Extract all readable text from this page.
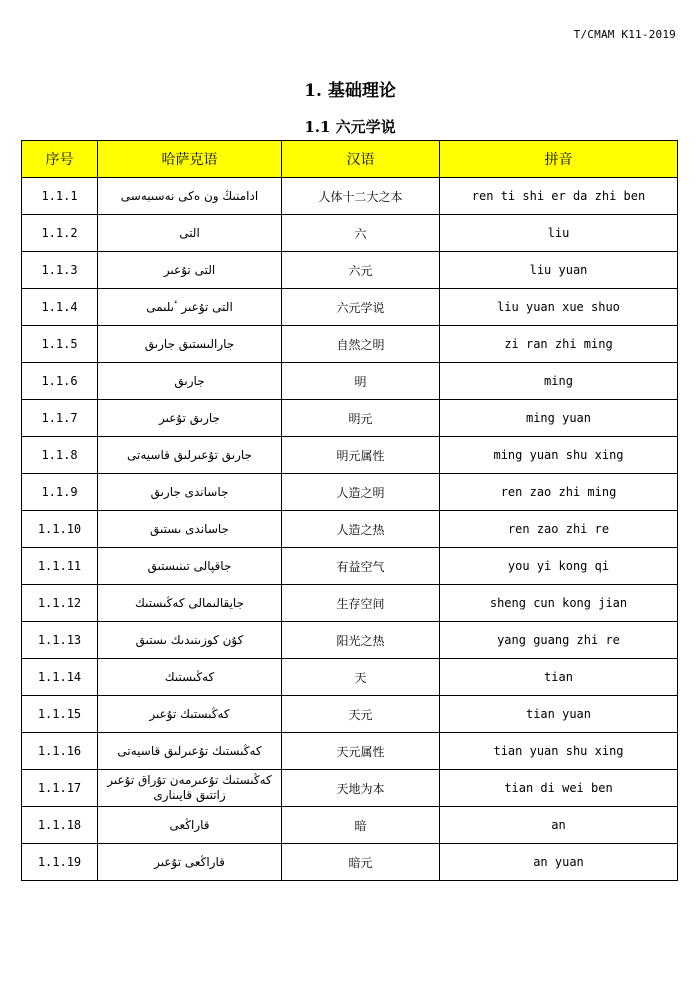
T/CMAM K11-2019
1. 基础理论
1.1 六元学说
序号	哈萨克语	汉语	拼音
1.1.1	ادامنىڭ ون ەكى نەسىبەسى	人体十二大之本	ren ti shi er da zhi ben
1.1.2	التى	六	liu
1.1.3	التى تۇعىر	六元	liu yuan
1.1.4	التى تۇعىر ٴىلىمى	六元学说	liu yuan xue shuo
1.1.5	جارالىستىق جارىق	自然之明	zi ran zhi ming
1.1.6	جارىق	明	ming
1.1.7	جارىق تۇعىر	明元	ming yuan
1.1.8	جارىق تۇعىرلىق قاسيەتى	明元属性	ming yuan shu xing
1.1.9	جاساندى جارىق	人造之明	ren zao zhi ming
1.1.10	جاساندى ىستىق	人造之热	ren zao zhi re
1.1.11	جاقپالى تىنىستىق	有益空气	you yi kong qi
1.1.12	جايقالىمالى كەڭىستىك	生存空间	sheng cun kong jian
1.1.13	كۇن كوزىنىدىك ىستىق	阳光之热	yang guang zhi re
1.1.14	كەڭىستىك	天	tian
1.1.15	كەڭىستىك تۇعىر	天元	tian yuan
1.1.16	كەڭىستىك تۇعىرلىق قاسيەتى	天元属性	tian yuan shu xing
1.1.17	كەڭىستىك تۇعىرمەن تۇراق تۇعىر زاتتىق قايىنارى	天地为本	tian di wei ben
1.1.18	قاراڭعى	暗	an
1.1.19	قاراڭعى تۇعىر	暗元	an yuan
